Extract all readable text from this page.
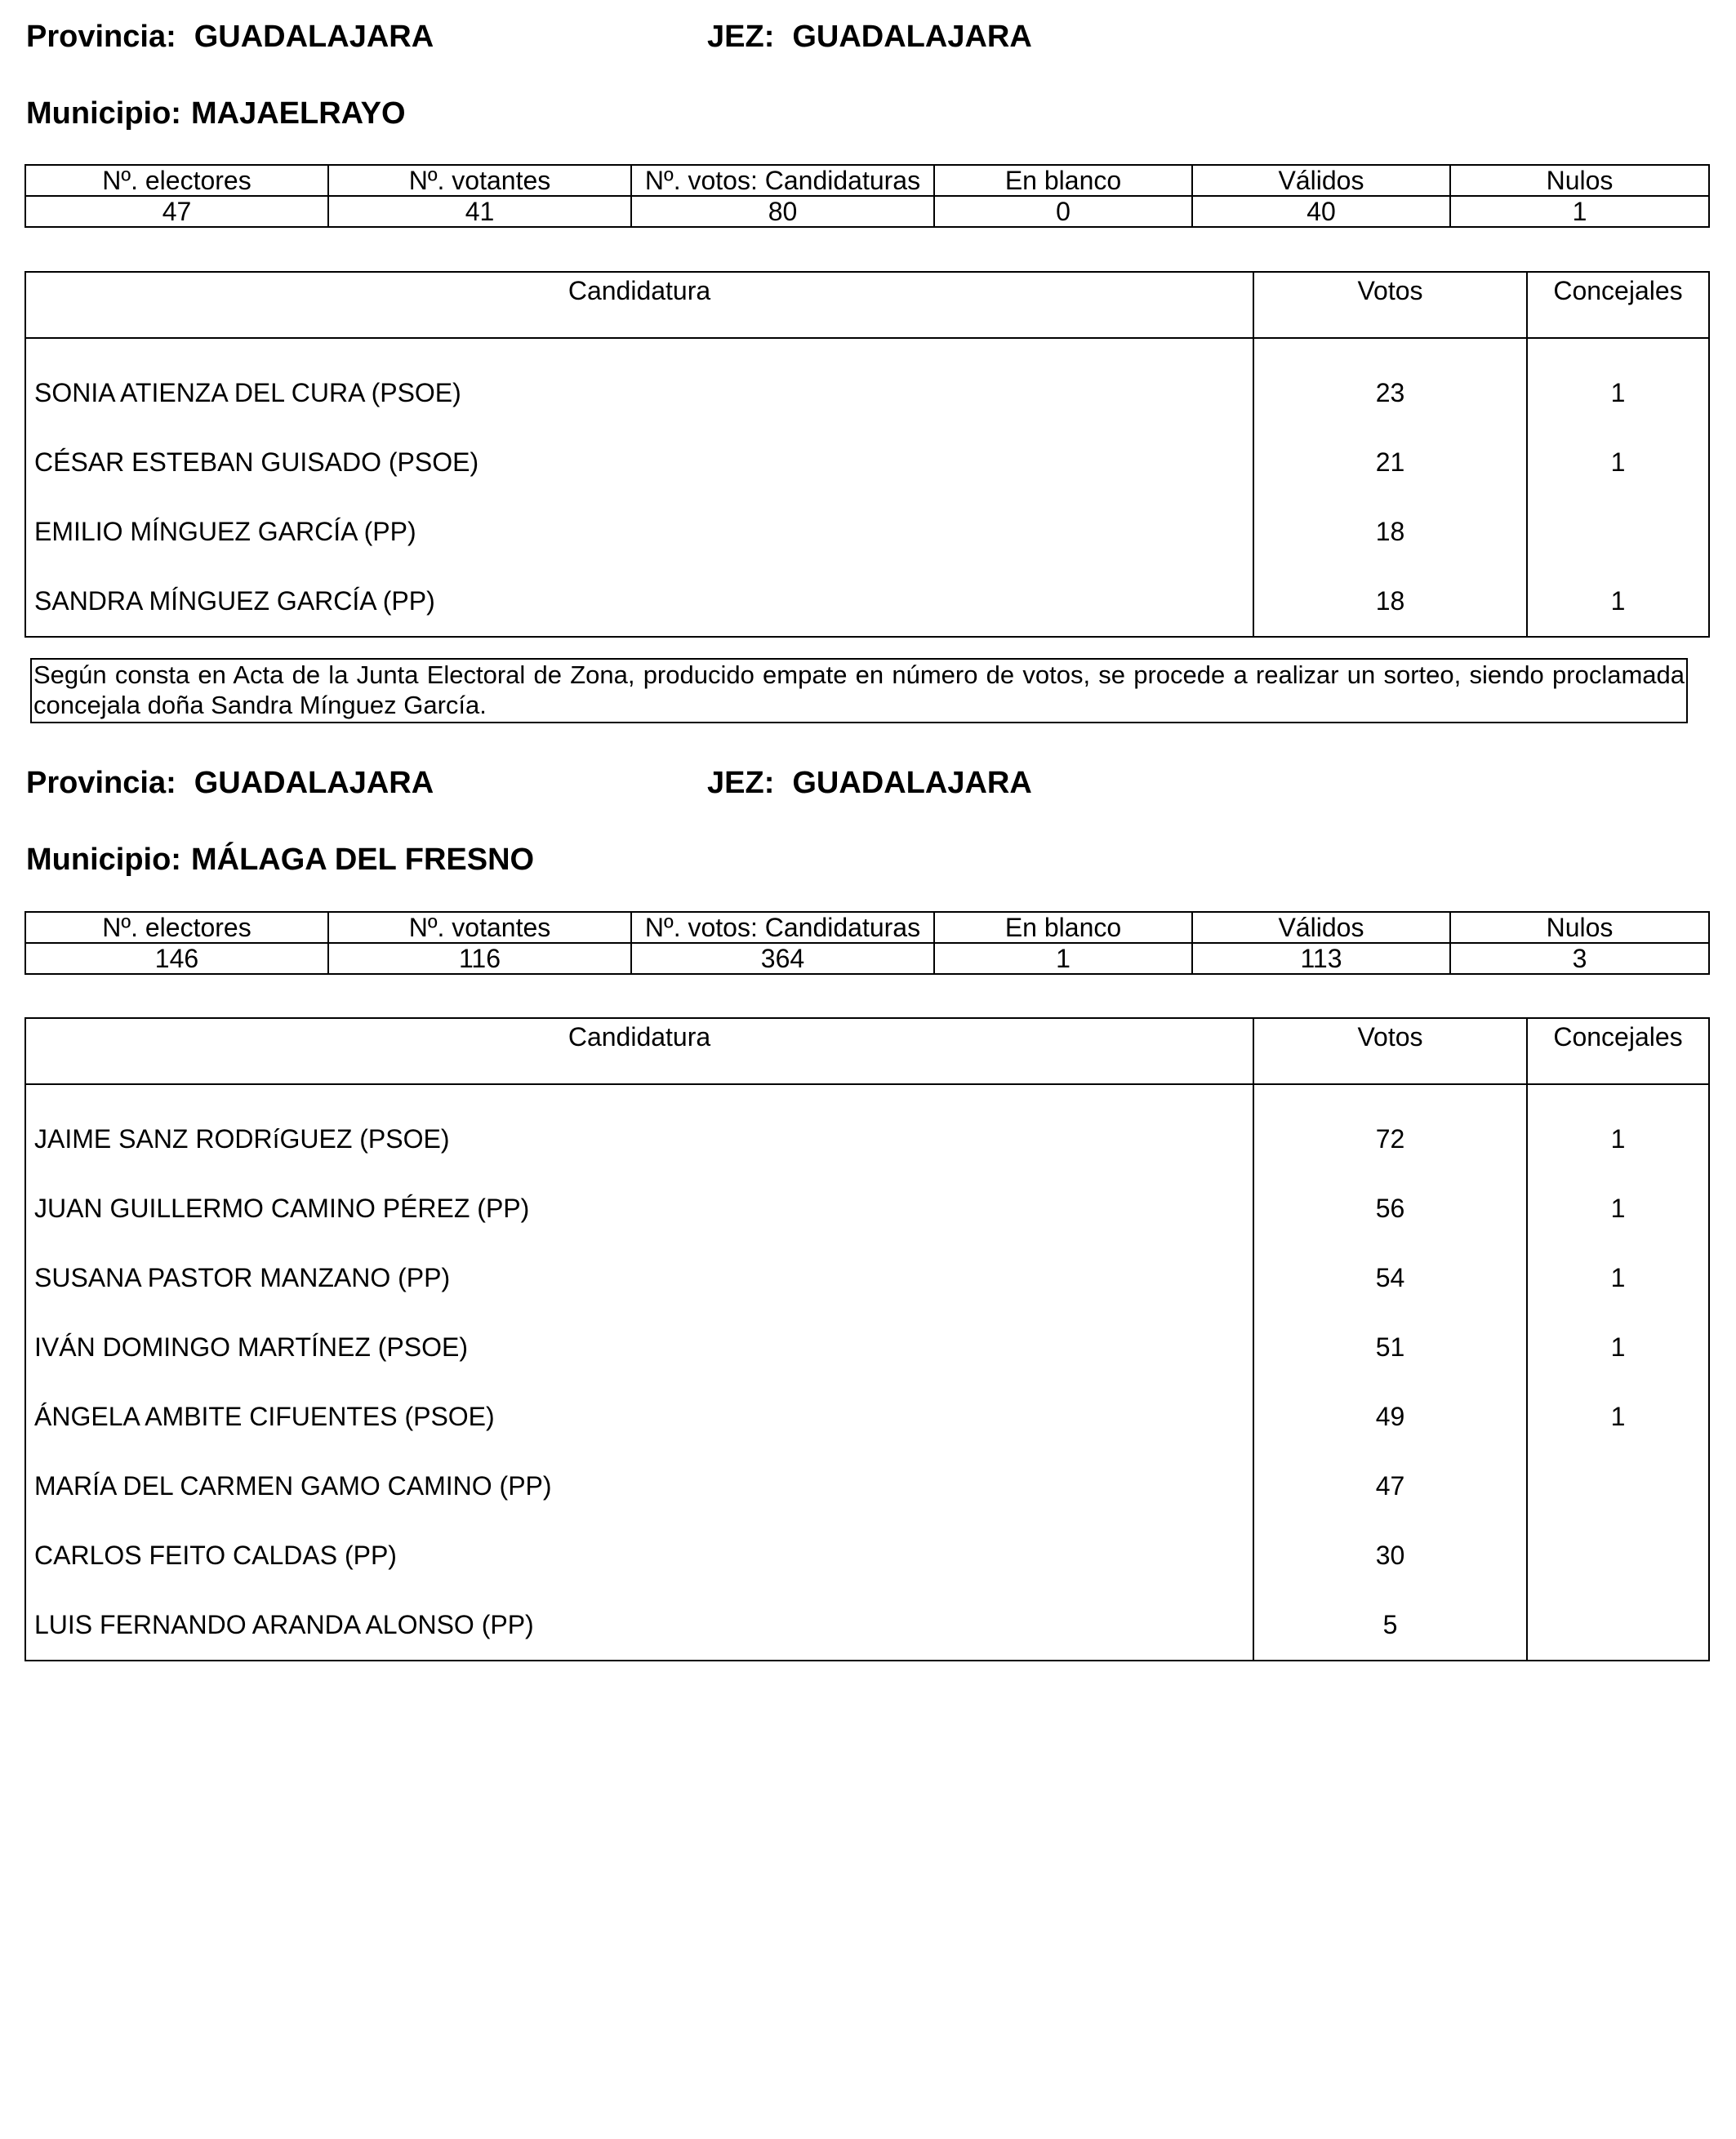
Provincia: GUADALAJARA	JEZ: GUADALAJARA
Municipio: MAJAELRAYO
Nº. electores	Nº. votantes	Nº. votos: Candidaturas	En blanco	Válidos	Nulos
47	41	80	0	40	1
Candidatura	Votos	Concejales
SONIA ATIENZA DEL CURA (PSOE)	23	1
CÉSAR ESTEBAN GUISADO (PSOE)	21	1
EMILIO MÍNGUEZ GARCÍA (PP)	18	
SANDRA MÍNGUEZ GARCÍA (PP)	18	1
Según consta en Acta de la Junta Electoral de Zona, producido empate en número de votos, se procede a realizar un sorteo, siendo proclamada concejala doña Sandra Mínguez García.
Provincia: GUADALAJARA	JEZ: GUADALAJARA
Municipio: MÁLAGA DEL FRESNO
Nº. electores	Nº. votantes	Nº. votos: Candidaturas	En blanco	Válidos	Nulos
146	116	364	1	113	3
Candidatura	Votos	Concejales
JAIME SANZ RODRíGUEZ (PSOE)	72	1
JUAN GUILLERMO CAMINO PÉREZ (PP)	56	1
SUSANA PASTOR MANZANO (PP)	54	1
IVÁN DOMINGO MARTÍNEZ (PSOE)	51	1
ÁNGELA AMBITE CIFUENTES (PSOE)	49	1
MARÍA DEL CARMEN GAMO CAMINO (PP)	47	
CARLOS FEITO CALDAS (PP)	30	
LUIS FERNANDO ARANDA ALONSO (PP)	5	
